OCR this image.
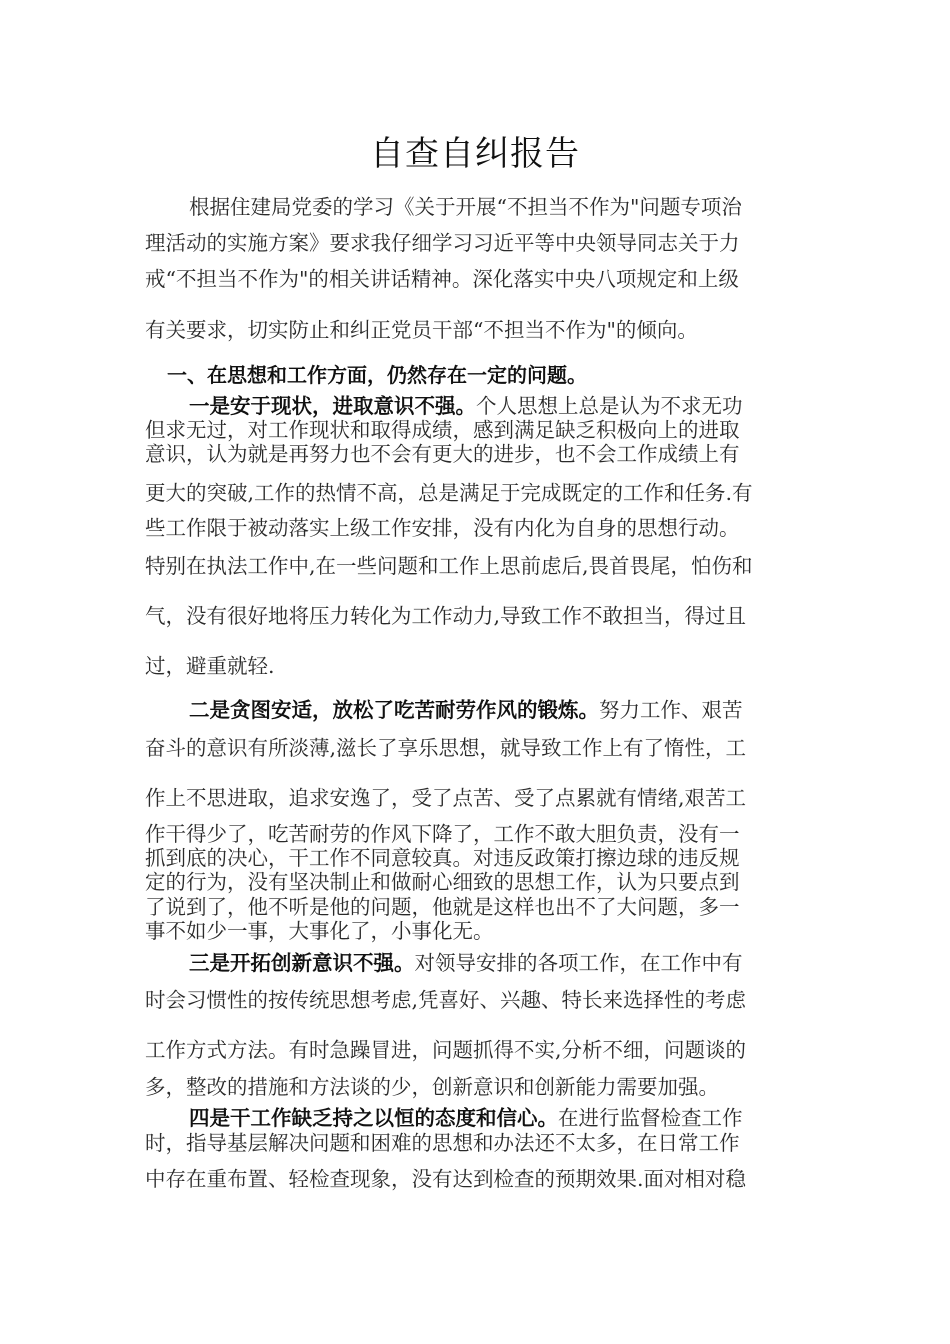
自查自纠报告
根据住建局党委的学习《关于开展“不担当不作为"问题专项治
理活动的实施方案》要求我仔细学习习近平等中央领导同志关于力
戒“不担当不作为"的相关讲话精神。深化落实中央八项规定和上级
有关要求，切实防止和纠正党员干部“不担当不作为"的倾向。
一、在思想和工作方面，仍然存在一定的问题。
一是安于现状，进取意识不强。个人思想上总是认为不求无功
但求无过，对工作现状和取得成绩，感到满足缺乏积极向上的进取
意识，认为就是再努力也不会有更大的进步，也不会工作成绩上有
更大的突破,工作的热情不高，总是满足于完成既定的工作和任务.有
些工作限于被动落实上级工作安排，没有内化为自身的思想行动。
特别在执法工作中,在一些问题和工作上思前虑后,畏首畏尾，怕伤和
气，没有很好地将压力转化为工作动力,导致工作不敢担当，得过且
过，避重就轻.
二是贪图安适，放松了吃苦耐劳作风的锻炼。努力工作、艰苦
奋斗的意识有所淡薄,滋长了享乐思想，就导致工作上有了惰性，工
作上不思进取，追求安逸了，受了点苦、受了点累就有情绪,艰苦工
作干得少了，吃苦耐劳的作风下降了，工作不敢大胆负责，没有一
抓到底的决心，干工作不同意较真。对违反政策打擦边球的违反规
定的行为，没有坚决制止和做耐心细致的思想工作，认为只要点到
了说到了，他不听是他的问题，他就是这样也出不了大问题，多一
事不如少一事，大事化了，小事化无。
三是开拓创新意识不强。对领导安排的各项工作，在工作中有
时会习惯性的按传统思想考虑,凭喜好、兴趣、特长来选择性的考虑
工作方式方法。有时急躁冒进，问题抓得不实,分析不细，问题谈的
多，整改的措施和方法谈的少，创新意识和创新能力需要加强。
四是干工作缺乏持之以恒的态度和信心。在进行监督检查工作
时，指导基层解决问题和困难的思想和办法还不太多，在日常工作
中存在重布置、轻检查现象，没有达到检查的预期效果.面对相对稳
